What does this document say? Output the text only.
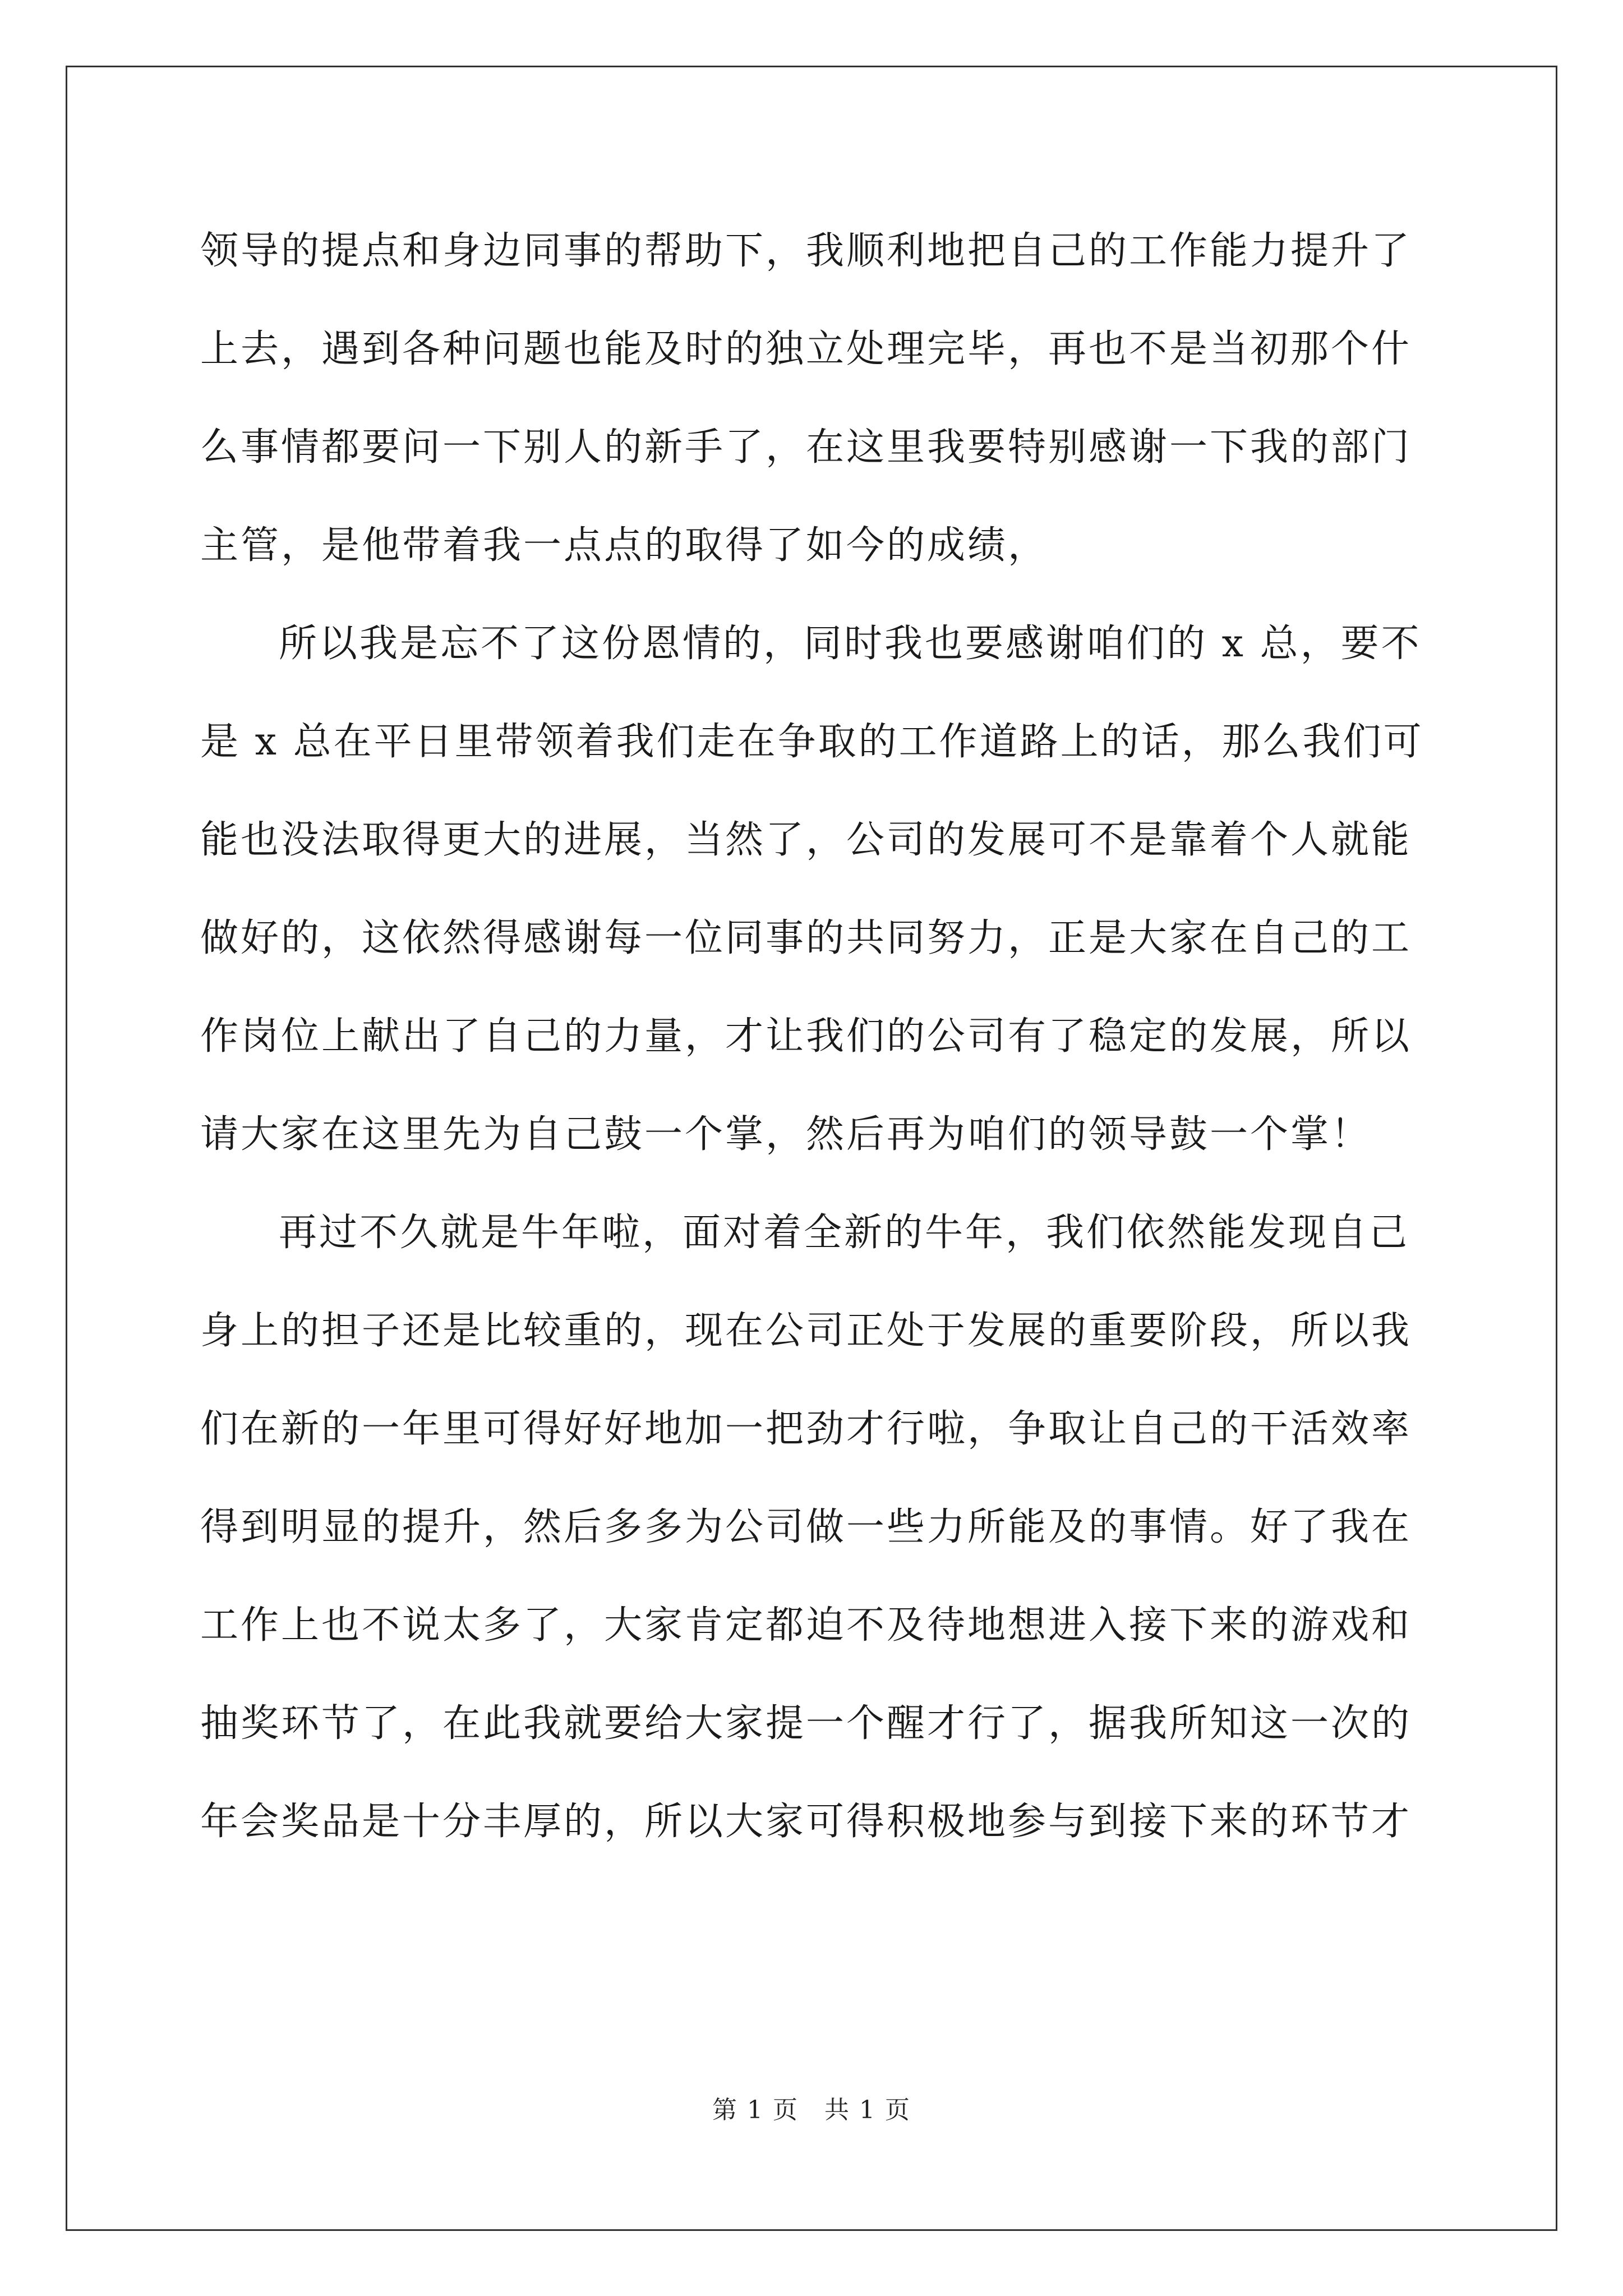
领导的提点和身边同事的帮助下，我顺利地把自己的工作能力提升了
上去，遇到各种问题也能及时的独立处理完毕，再也不是当初那个什
么事情都要问一下别人的新手了，在这里我要特别感谢一下我的部门
主管，是他带着我一点点的取得了如今的成绩，
所以我是忘不了这份恩情的，同时我也要感谢咱们的 x 总，要不
是 x 总在平日里带领着我们走在争取的工作道路上的话，那么我们可
能也没法取得更大的进展，当然了，公司的发展可不是靠着个人就能
做好的，这依然得感谢每一位同事的共同努力，正是大家在自己的工
作岗位上献出了自己的力量，才让我们的公司有了稳定的发展，所以
请大家在这里先为自己鼓一个掌，然后再为咱们的领导鼓一个掌！
再过不久就是牛年啦，面对着全新的牛年，我们依然能发现自己
身上的担子还是比较重的，现在公司正处于发展的重要阶段，所以我
们在新的一年里可得好好地加一把劲才行啦，争取让自己的干活效率
得到明显的提升，然后多多为公司做一些力所能及的事情。好了我在
工作上也不说太多了，大家肯定都迫不及待地想进入接下来的游戏和
抽奖环节了，在此我就要给大家提一个醒才行了，据我所知这一次的
年会奖品是十分丰厚的，所以大家可得积极地参与到接下来的环节才
第 1 页　共 1 页
